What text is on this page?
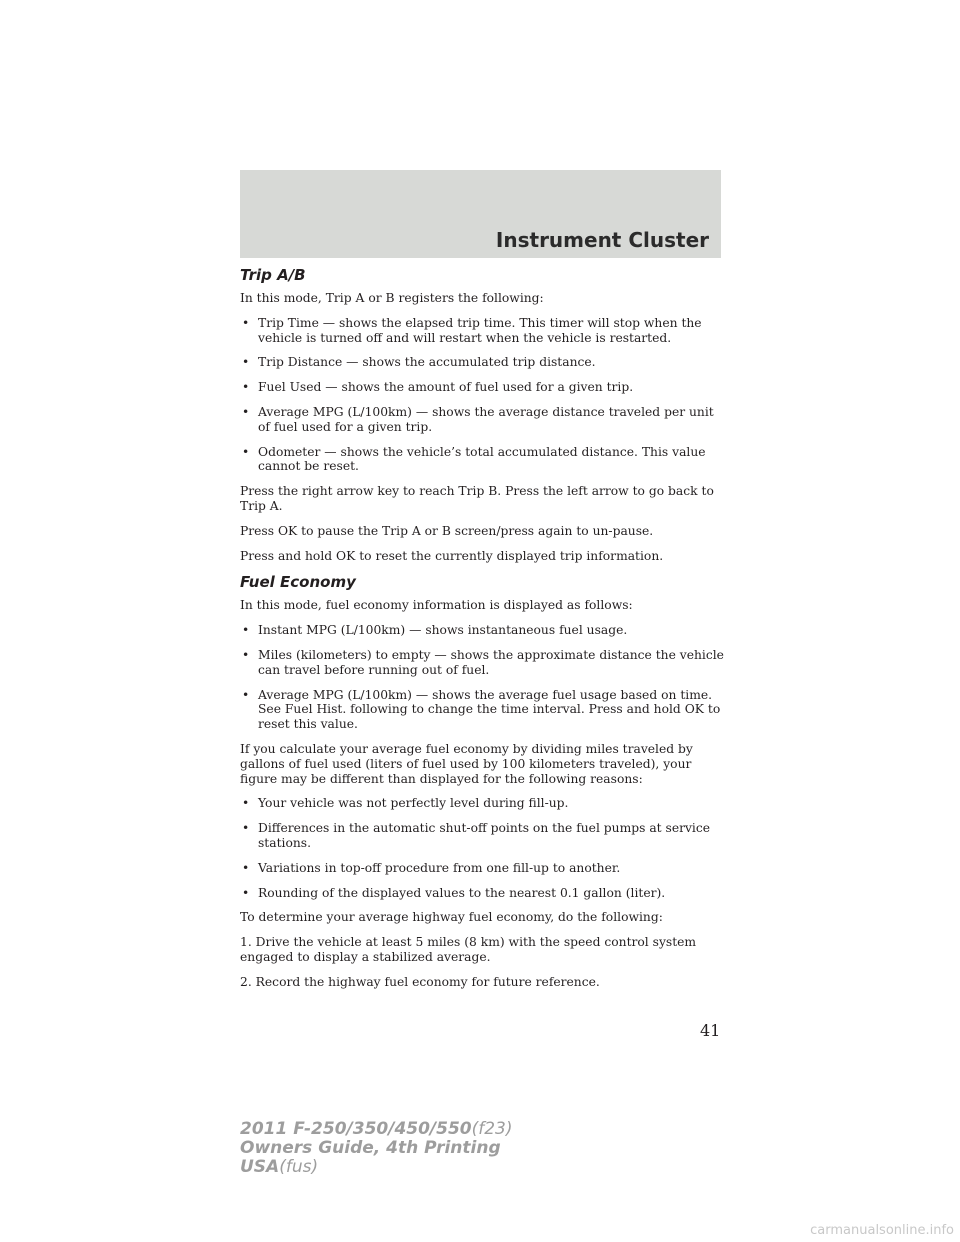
Instrument Cluster
Trip A/B

In this mode, Trip A or B registers the following:

• Trip Time — shows the elapsed trip time. This timer will stop when the vehicle is turned off and will restart when the vehicle is restarted.
• Trip Distance — shows the accumulated trip distance.
• Fuel Used — shows the amount of fuel used for a given trip.
• Average MPG (L/100km) — shows the average distance traveled per unit of fuel used for a given trip.
• Odometer — shows the vehicle’s total accumulated distance. This value cannot be reset.

Press the right arrow key to reach Trip B. Press the left arrow to go back to Trip A.

Press OK to pause the Trip A or B screen/press again to un-pause.

Press and hold OK to reset the currently displayed trip information.

Fuel Economy

In this mode, fuel economy information is displayed as follows:

• Instant MPG (L/100km) — shows instantaneous fuel usage.
• Miles (kilometers) to empty — shows the approximate distance the vehicle can travel before running out of fuel.
• Average MPG (L/100km) — shows the average fuel usage based on time. See Fuel Hist. following to change the time interval. Press and hold OK to reset this value.

If you calculate your average fuel economy by dividing miles traveled by gallons of fuel used (liters of fuel used by 100 kilometers traveled), your figure may be different than displayed for the following reasons:

• Your vehicle was not perfectly level during fill-up.
• Differences in the automatic shut-off points on the fuel pumps at service stations.
• Variations in top-off procedure from one fill-up to another.
• Rounding of the displayed values to the nearest 0.1 gallon (liter).

To determine your average highway fuel economy, do the following:

1. Drive the vehicle at least 5 miles (8 km) with the speed control system engaged to display a stabilized average.

2. Record the highway fuel economy for future reference.

41
2011 F-250/350/450/550(f23)
Owners Guide, 4th Printing
USA(fus)
carmanualsonline.info
